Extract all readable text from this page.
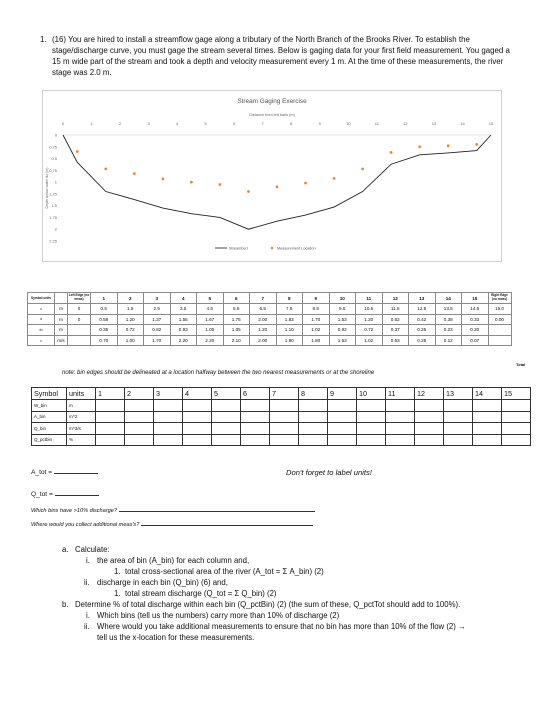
1. (16) You are hired to install a streamflow gage along a tributary of the North Branch of the Brooks River. To establish the stage/discharge curve, you must gage the stream several times. Below is gaging data for your first field measurement. You gaged a 15 m wide part of the stream and took a depth and velocity measurement every 1 m. At the time of these measurements, the river stage was 2.0 m.
Stream Gaging Exercise
Distance from left bank (m)
0	1	2	3	4	5	6	7	8	9	10	11	12	13	14	15
0
0.25
0.5
0.75
1
1.25
1.5
1.75
2
2.25
Depth below water dz (m)
Streambed	Measurement Location
Symbol units		Left Edge (no meas)	1	2	3	4	5	6	7	8	9	10	11	12	13	14	15	Right Edge (no meas)
x	m	0	0.5	1.5	2.5	3.5	4.5	5.5	6.5	7.5	8.5	9.5	10.5	11.5	12.5	13.5	14.5	15.0
d	m	0	0.58	1.20	1.37	1.55	1.67	1.75	2.00	1.83	1.70	1.53	1.20	0.62	0.42	0.38	0.33	0.00
dv	m		0.35	0.72	0.82	0.93	1.00	1.05	1.20	1.10	1.02	0.92	0.72	0.37	0.25	0.23	0.20	
v	m/s		0.70	1.00	1.70	2.20	2.20	2.10	2.00	1.90	1.80	1.53	1.02	0.53	0.25	0.12	0.07	
Total
note: bin edges should be delineated at a location halfway between the two nearest measurements or at the shoreline
Symbol	units	1	2	3	4	5	6	7	8	9	10	11	12	13	14	15
W_bin	m															
A_bin	m^2															
Q_bin	m^3/s															
Q_pctbin	%															
A_tot =	Don't forget to label units!
Q_tot =
Which bins have >10% discharge?
Where would you collect additional meas's?
a. Calculate:
i. the area of bin (A_bin) for each column and,
1. total cross-sectional area of the river (A_tot = Σ A_bin) (2)
ii. discharge in each bin (Q_bin) (6) and,
1. total stream discharge (Q_tot = Σ Q_bin) (2)
b. Determine % of total discharge within each bin (Q_pctBin) (2) (the sum of these, Q_pctTot should add to 100%).
i. Which bins (tell us the numbers) carry more than 10% of discharge (2)
ii. Where would you take additional measurements to ensure that no bin has more than 10% of the flow (2) →
tell us the x-location for these measurements.
